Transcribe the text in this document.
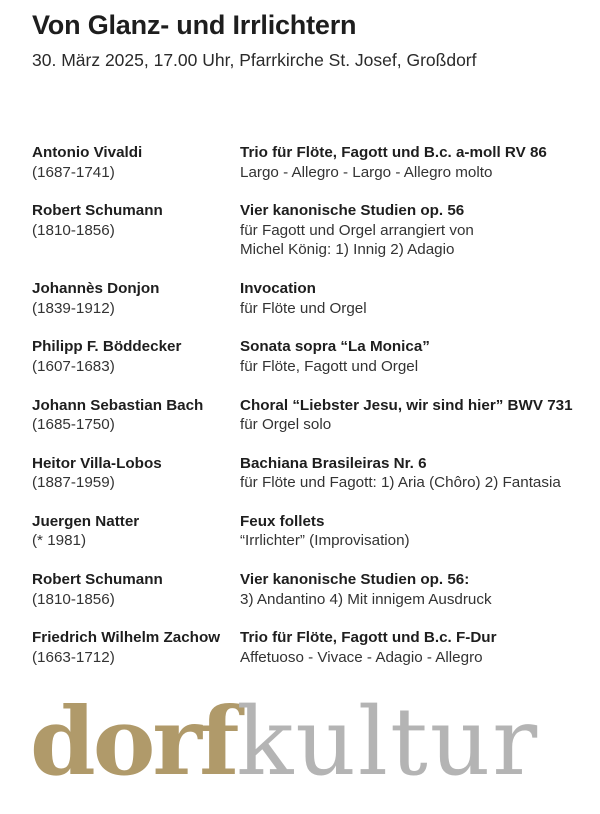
Von Glanz- und Irrlichtern
30. März 2025, 17.00 Uhr, Pfarrkirche St. Josef, Großdorf
Antonio Vivaldi
(1687-1741)
Trio für Flöte, Fagott und B.c. a-moll RV 86
Largo - Allegro - Largo - Allegro molto
Robert Schumann
(1810-1856)
Vier kanonische Studien op. 56
für Fagott und Orgel arrangiert von
Michel König: 1) Innig 2) Adagio
Johannès Donjon
(1839-1912)
Invocation
für Flöte und Orgel
Philipp F. Böddecker
(1607-1683)
Sonata sopra “La Monica”
für Flöte, Fagott und Orgel
Johann Sebastian Bach
(1685-1750)
Choral “Liebster Jesu, wir sind hier” BWV 731
für Orgel solo
Heitor Villa-Lobos
(1887-1959)
Bachiana Brasileiras Nr. 6
für Flöte und Fagott: 1) Aria (Chôro) 2) Fantasia
Juergen Natter
(* 1981)
Feux follets
“Irrlichter” (Improvisation)
Robert Schumann
(1810-1856)
Vier kanonische Studien op. 56:
3) Andantino 4) Mit innigem Ausdruck
Friedrich Wilhelm Zachow
(1663-1712)
Trio für Flöte, Fagott und B.c. F-Dur
Affetuoso - Vivace - Adagio - Allegro
dorfkultur
